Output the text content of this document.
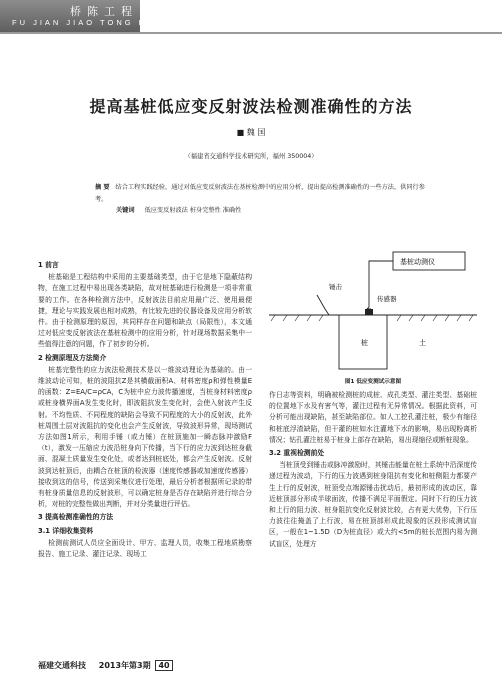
桥陈工程
FU JIAN JIAO TONG KE JI
提高基桩低应变反射波法检测准确性的方法
■ 魏 国
（福建省交通科学技术研究所，福州 350004）
摘 要 结合工程实践经验，通过对低应变反射波法在基桩检测中的应用分析，提出提高检测准确性的一些方法，供同行参考。
关键词 低应变反射波法 桩身完整性 准确性
1 前言

桩基础是工程结构中采用的主要基础类型，由于它是地下隐蔽结构物，在施工过程中易出现各类缺陷，故对桩基础进行检测是一项非常重要的工作。在各种检测方法中，反射波法目前应用最广泛、使用最便捷，理论与实践发展也相对成熟，有比较先进的仪器设备及应用分析软件。由于检测原理的原因，其同样存在问题和缺点（局限性），本文通过对低应变反射波法在基桩检测中的应用分析，针对现场数据采集中一些值得注意的问题，作了初步的分析。

2 检测原理及方法简介

桩基完整性的应力波法检测技术是以一维波动理论为基础的。由一维波动论可知，桩的波阻抗Z是其横截面积A、材料密度ρ和弹性模量E的函数：Z=EA/C=ρCA，C为桩中应力波传播速度，当桩身材料密度ρ或桩身横界面A发生变化时，即波阻抗发生变化时，会使入射波产生反射。不均性质、不同程度的缺陷会导致不同程度的大小的反射波，此外桩周围土层对波阻抗的变化也会产生反射波，导致波形异常，现场测试方法如图1所示，利用手锤（或力锤）在桩顶施加一瞬态脉冲激励F（t），激发一压缩应力波沿桩身向下传播，当下行的应力波到达桩身截面、混凝土质量发生变化处，或者达到桩底处，都会产生反射波。反射波到达桩顶后，由耦合在桩顶的检波器（速度传感器或加速度传感器）接收到这的信号，传送到采集仪进行处理，最后分析者根据所记录的带有桩身质量信息的反射波形，可以确定桩身是否存在缺陷并进行综合分析，对桩的完整性做出判断，并对分类量进行评估。

3 提高检测准确性的方法
3.1 详细收集资料

检测前测试人员应全面设计、甲方、监理人员，收集工程地质勘察报告、施工记录、灌注记录、现场工

基桩动测仪
锤击
传感器
桩	土
图1 低应变测试示意图

作日志等资料，明确被检测桩的成桩、成孔类型、灌注类型、基础桩的位置地下水及有害气等，灌注过程有无异常情况。根据此资料，可分析可能出现缺陷，甚至缺陷部位。如人工挖孔灌注桩，极少有缩径和桩底浮渣缺陷，但干灌的桩如水注灌地下水的影响，易出现粉离析情况；钻孔灌注桩易于桩身上部存在缺陷，易出现缩径或断桩现象。

3.2 重视检测前处

当桩顶受到锤击或脉冲激励时，其锤击能量在桩土系统中沿深度传递过程为波动，下行的压力波遇到桩身阻抗有变化和桩侧阻力都要产生上行的反射波，桩顶受点端源锤击扰动后，最初形成的波动区，靠近桩顶部分形成半球面波，传播不满足平面假定。同时下行的压力波和上行的阻力波、桩身阻抗变化反射波比较，占有更大优势，下行压力波往往掩盖了上行波，易在桩顶部形成此现象的区段形成测试盲区，一般在1~1.5D（D为桩直径）或大约<5m的桩长范围内易为测试盲区，处理方

福建交通科技 2013年第3期 40
